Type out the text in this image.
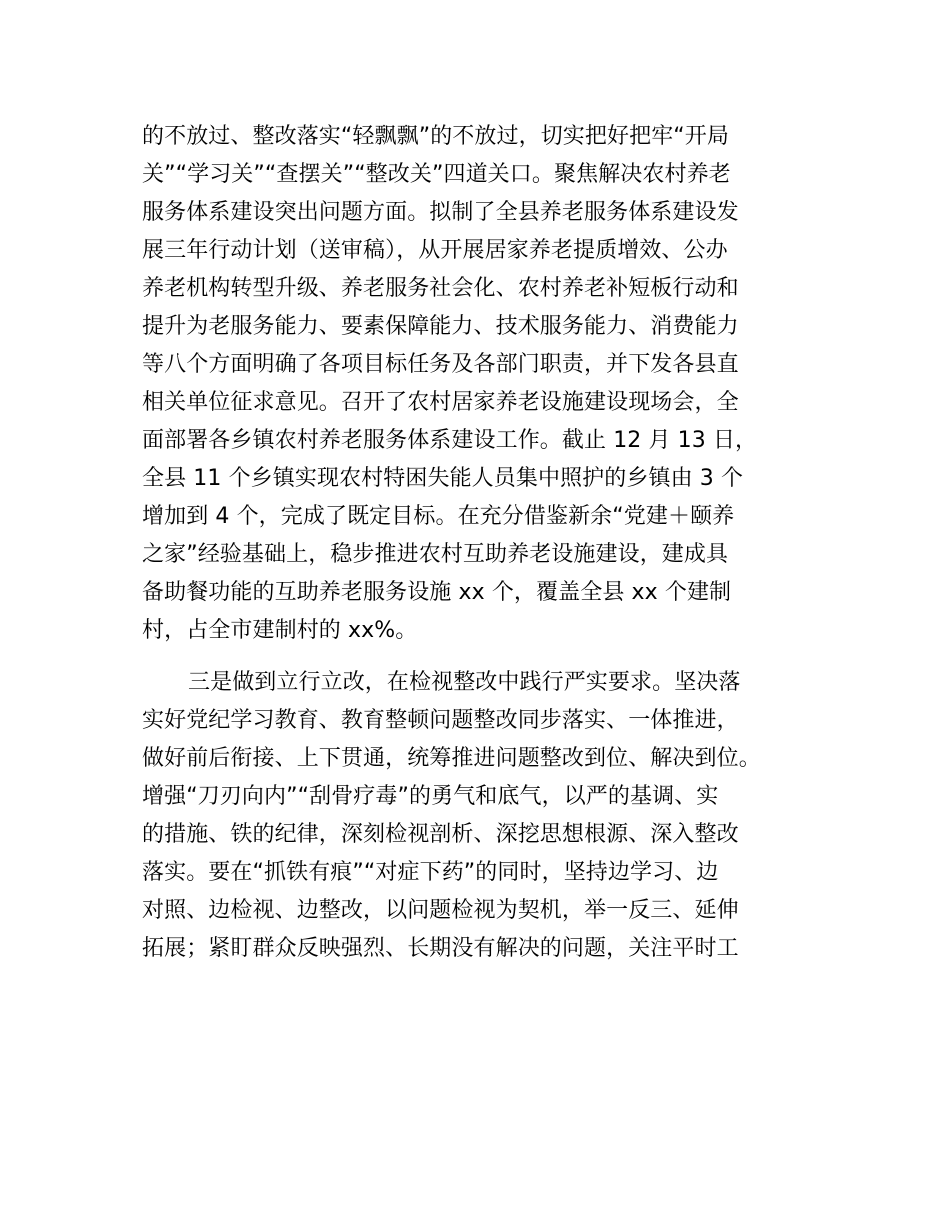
的不放过、整改落实“轻飘飘”的不放过，切实把好把牢“开局
关”“学习关”“查摆关”“整改关”四道关口。聚焦解决农村养老
服务体系建设突出问题方面。拟制了全县养老服务体系建设发
展三年行动计划（送审稿），从开展居家养老提质增效、公办
养老机构转型升级、养老服务社会化、农村养老补短板行动和
提升为老服务能力、要素保障能力、技术服务能力、消费能力
等八个方面明确了各项目标任务及各部门职责，并下发各县直
相关单位征求意见。召开了农村居家养老设施建设现场会，全
面部署各乡镇农村养老服务体系建设工作。截止 12 月 13 日，
全县 11 个乡镇实现农村特困失能人员集中照护的乡镇由 3 个
增加到 4 个，完成了既定目标。在充分借鉴新余“党建＋颐养
之家”经验基础上，稳步推进农村互助养老设施建设，建成具
备助餐功能的互助养老服务设施 xx 个，覆盖全县 xx 个建制
村，占全市建制村的 xx%。
三是做到立行立改，在检视整改中践行严实要求。坚决落
实好党纪学习教育、教育整顿问题整改同步落实、一体推进，
做好前后衔接、上下贯通，统筹推进问题整改到位、解决到位。
增强“刀刃向内”“刮骨疗毒”的勇气和底气，以严的基调、实
的措施、铁的纪律，深刻检视剖析、深挖思想根源、深入整改
落实。要在“抓铁有痕”“对症下药”的同时，坚持边学习、边
对照、边检视、边整改，以问题检视为契机，举一反三、延伸
拓展；紧盯群众反映强烈、长期没有解决的问题，关注平时工
